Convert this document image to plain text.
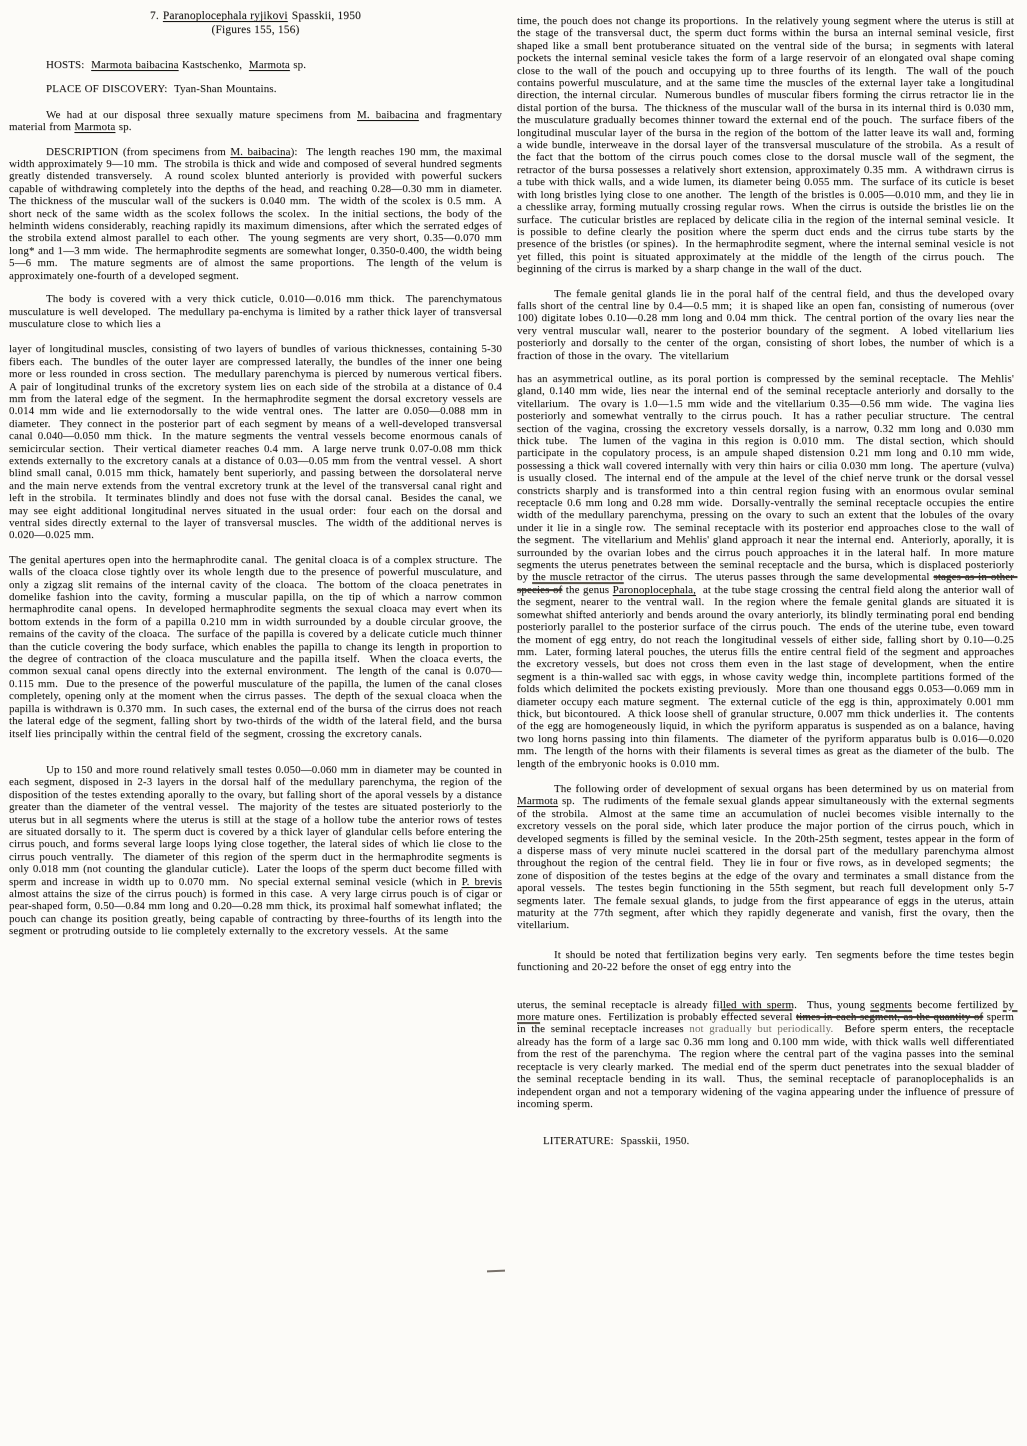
7. Paranoplocephala ryjikovi Spasskii, 1950
(Figures 155, 156)

HOSTS:  Marmota baibacina Kastschenko,  Marmota sp.

PLACE OF DISCOVERY:  Tyan-Shan Mountains.

We had at our disposal three sexually mature specimens from M. baibacina and fragmentary material from Marmota sp.

DESCRIPTION (from specimens from M. baibacina):  The length reaches 190 mm, the maximal width approximately 9—10 mm.  The strobila is thick and wide and composed of several hundred segments greatly distended transversely.  A round scolex blunted anteriorly is provided with powerful suckers capable of withdrawing completely into the depths of the head, and reaching 0.28—0.30 mm in diameter.  The thickness of the muscular wall of the suckers is 0.040 mm.  The width of the scolex is 0.5 mm.  A short neck of the same width as the scolex follows the scolex.  In the initial sections, the body of the helminth widens considerably, reaching rapidly its maximum dimensions, after which the serrated edges of the strobila extend almost parallel to each other.  The young segments are very short, 0.35—0.070 mm long* and 1—3 mm wide.  The hermaphrodite segments are somewhat longer, 0.350-0.400, the width being 5—6 mm.  The mature segments are of almost the same proportions.  The length of the velum is approximately one-fourth of a developed segment.

The body is covered with a very thick cuticle, 0.010—0.016 mm thick.  The parenchymatous musculature is well developed.  The medullary pa-enchyma is limited by a rather thick layer of transversal musculature close to which lies a

layer of longitudinal muscles, consisting of two layers of bundles of various thicknesses, containing 5-30 fibers each.  The bundles of the outer layer are compressed laterally, the bundles of the inner one being more or less rounded in cross section.  The medullary parenchyma is pierced by numerous vertical fibers.  A pair of longitudinal trunks of the excretory system lies on each side of the strobila at a distance of 0.4 mm from the lateral edge of the segment.  In the hermaphrodite segment the dorsal excretory vessels are 0.014 mm wide and lie externodorsally to the wide ventral ones.  The latter are 0.050—0.088 mm in diameter.  They connect in the posterior part of each segment by means of a well-developed transversal canal 0.040—0.050 mm thick.  In the mature segments the ventral vessels become enormous canals of semicircular section.  Their vertical diameter reaches 0.4 mm.  A large nerve trunk 0.07-0.08 mm thick extends externally to the excretory canals at a distance of 0.03—0.05 mm from the ventral vessel.  A short blind small canal, 0.015 mm thick, hamately bent superiorly, and passing between the dorsolateral nerve and the main nerve extends from the ventral excretory trunk at the level of the transversal canal right and left in the strobila.  It terminates blindly and does not fuse with the dorsal canal.  Besides the canal, we may see eight additional longitudinal nerves situated in the usual order:  four each on the dorsal and ventral sides directly external to the layer of transversal muscles.  The width of the additional nerves is 0.020—0.025 mm.

The genital apertures open into the hermaphrodite canal.  The genital cloaca is of a complex structure.  The walls of the cloaca close tightly over its whole length due to the presence of powerful musculature, and only a zigzag slit remains of the internal cavity of the cloaca.  The bottom of the cloaca penetrates in domelike fashion into the cavity, forming a muscular papilla, on the tip of which a narrow common hermaphrodite canal opens.  In developed hermaphrodite segments the sexual cloaca may evert when its bottom extends in the form of a papilla 0.210 mm in width surrounded by a double circular groove, the remains of the cavity of the cloaca.  The surface of the papilla is covered by a delicate cuticle much thinner than the cuticle covering the body surface, which enables the papilla to change its length in proportion to the degree of contraction of the cloaca musculature and the papilla itself.  When the cloaca everts, the common sexual canal opens directly into the external environment.  The length of the canal is 0.070—0.115 mm.  Due to the presence of the powerful musculature of the papilla, the lumen of the canal closes completely, opening only at the moment when the cirrus passes.  The depth of the sexual cloaca when the papilla is withdrawn is 0.370 mm.  In such cases, the external end of the bursa of the cirrus does not reach the lateral edge of the segment, falling short by two-thirds of the width of the lateral field, and the bursa itself lies principally within the central field of the segment, crossing the excretory canals.

Up to 150 and more round relatively small testes 0.050—0.060 mm in diameter may be counted in each segment, disposed in 2-3 layers in the dorsal half of the medullary parenchyma, the region of the disposition of the testes extending aporally to the ovary, but falling short of the aporal vessels by a distance greater than the diameter of the ventral vessel.  The majority of the testes are situated posteriorly to the uterus but in all segments where the uterus is still at the stage of a hollow tube the anterior rows of testes are situated dorsally to it.  The sperm duct is covered by a thick layer of glandular cells before entering the cirrus pouch, and forms several large loops lying close together, the lateral sides of which lie close to the cirrus pouch ventrally.  The diameter of this region of the sperm duct in the hermaphrodite segments is only 0.018 mm (not counting the glandular cuticle).  Later the loops of the sperm duct become filled with sperm and increase in width up to 0.070 mm.  No special external seminal vesicle (which in P. brevis almost attains the size of the cirrus pouch) is formed in this case.  A very large cirrus pouch is of cigar or pear-shaped form, 0.50—0.84 mm long and 0.20—0.28 mm thick, its proximal half somewhat inflated;  the pouch can change its position greatly, being capable of contracting by three-fourths of its length into the segment or protruding outside to lie completely externally to the excretory vessels.  At the same

time, the pouch does not change its proportions.  In the relatively young segment where the uterus is still at the stage of the transversal duct, the sperm duct forms within the bursa an internal seminal vesicle, first shaped like a small bent protuberance situated on the ventral side of the bursa;  in segments with lateral pockets the internal seminal vesicle takes the form of a large reservoir of an elongated oval shape coming close to the wall of the pouch and occupying up to three fourths of its length.  The wall of the pouch contains powerful musculature, and at the same time the muscles of the external layer take a longitudinal direction, the internal circular.  Numerous bundles of muscular fibers forming the cirrus retractor lie in the distal portion of the bursa.  The thickness of the muscular wall of the bursa in its internal third is 0.030 mm, the musculature gradually becomes thinner toward the external end of the pouch.  The surface fibers of the longitudinal muscular layer of the bursa in the region of the bottom of the latter leave its wall and, forming a wide bundle, interweave in the dorsal layer of the transversal musculature of the strobila.  As a result of the fact that the bottom of the cirrus pouch comes close to the dorsal muscle wall of the segment, the retractor of the bursa possesses a relatively short extension, approximately 0.35 mm.  A withdrawn cirrus is a tube with thick walls, and a wide lumen, its diameter being 0.055 mm.  The surface of its cuticle is beset with long bristles lying close to one another.  The length of the bristles is 0.005—0.010 mm, and they lie in a chesslike array, forming mutually crossing regular rows.  When the cirrus is outside the bristles lie on the surface.  The cuticular bristles are replaced by delicate cilia in the region of the internal seminal vesicle.  It is possible to define clearly the position where the sperm duct ends and the cirrus tube starts by the presence of the bristles (or spines).  In the hermaphrodite segment, where the internal seminal vesicle is not yet filled, this point is situated approximately at the middle of the length of the cirrus pouch.  The beginning of the cirrus is marked by a sharp change in the wall of the duct.

The female genital glands lie in the poral half of the central field, and thus the developed ovary falls short of the central line by 0.4—0.5 mm;  it is shaped like an open fan, consisting of numerous (over 100) digitate lobes 0.10—0.28 mm long and 0.04 mm thick.  The central portion of the ovary lies near the very ventral muscular wall, nearer to the posterior boundary of the segment.  A lobed vitellarium lies posteriorly and dorsally to the center of the organ, consisting of short lobes, the number of which is a fraction of those in the ovary.  The vitellarium

has an asymmetrical outline, as its poral portion is compressed by the seminal receptacle.  The Mehlis' gland, 0.140 mm wide, lies near the internal end of the seminal receptacle anteriorly and dorsally to the vitellarium.  The ovary is 1.0—1.5 mm wide and the vitellarium 0.35—0.56 mm wide.  The vagina lies posteriorly and somewhat ventrally to the cirrus pouch.  It has a rather peculiar structure.  The central section of the vagina, crossing the excretory vessels dorsally, is a narrow, 0.32 mm long and 0.030 mm thick tube.  The lumen of the vagina in this region is 0.010 mm.  The distal section, which should participate in the copulatory process, is an ampule shaped distension 0.21 mm long and 0.10 mm wide, possessing a thick wall covered internally with very thin hairs or cilia 0.030 mm long.  The aperture (vulva) is usually closed.  The internal end of the ampule at the level of the chief nerve trunk or the dorsal vessel constricts sharply and is transformed into a thin central region fusing with an enormous ovular seminal receptacle 0.6 mm long and 0.28 mm wide.  Dorsally-ventrally the seminal receptacle occupies the entire width of the medullary parenchyma, pressing on the ovary to such an extent that the lobules of the ovary under it lie in a single row.  The seminal receptacle with its posterior end approaches close to the wall of the segment.  The vitellarium and Mehlis' gland approach it near the internal end.  Anteriorly, aporally, it is surrounded by the ovarian lobes and the cirrus pouch approaches it in the lateral half.  In more mature segments the uterus penetrates between the seminal receptacle and the bursa, which is displaced posteriorly by the muscle retractor of the cirrus.  The uterus passes through the same developmental stages as in other species of the genus Paronoplocephala,  at the tube stage crossing the central field along the anterior wall of the segment, nearer to the ventral wall.  In the region where the female genital glands are situated it is somewhat shifted anteriorly and bends around the ovary anteriorly, its blindly terminating poral end bending posteriorly parallel to the posterior surface of the cirrus pouch.  The ends of the uterine tube, even toward the moment of egg entry, do not reach the longitudinal vessels of either side, falling short by 0.10—0.25 mm.  Later, forming lateral pouches, the uterus fills the entire central field of the segment and approaches the excretory vessels, but does not cross them even in the last stage of development, when the entire segment is a thin-walled sac with eggs, in whose cavity wedge thin, incomplete partitions formed of the folds which delimited the pockets existing previously.  More than one thousand eggs 0.053—0.069 mm in diameter occupy each mature segment.  The external cuticle of the egg is thin, approximately 0.001 mm thick, but bicontoured.  A thick loose shell of granular structure, 0.007 mm thick underlies it.  The contents of the egg are homogeneously liquid, in which the pyriform apparatus is suspended as on a balance, having two long horns passing into thin filaments.  The diameter of the pyriform apparatus bulb is 0.016—0.020 mm.  The length of the horns with their filaments is several times as great as the diameter of the bulb.  The length of the embryonic hooks is 0.010 mm.

The following order of development of sexual organs has been determined by us on material from Marmota sp.  The rudiments of the female sexual glands appear simultaneously with the external segments of the strobila.  Almost at the same time an accumulation of nuclei becomes visible internally to the excretory vessels on the poral side, which later produce the major portion of the cirrus pouch, which in developed segments is filled by the seminal vesicle.  In the 20th-25th segment, testes appear in the form of a disperse mass of very minute nuclei scattered in the dorsal part of the medullary parenchyma almost throughout the region of the central field.  They lie in four or five rows, as in developed segments;  the zone of disposition of the testes begins at the edge of the ovary and terminates a small distance from the aporal vessels.  The testes begin functioning in the 55th segment, but reach full development only 5-7 segments later.  The female sexual glands, to judge from the first appearance of eggs in the uterus, attain maturity at the 77th segment, after which they rapidly degenerate and vanish, first the ovary, then the vitellarium.

It should be noted that fertilization begins very early.  Ten segments before the time testes begin functioning and 20-22 before the onset of egg entry into the

uterus, the seminal receptacle is already filled with sperm.  Thus, young segments become fertilized by more mature ones.  Fertilization is probably effected several times in each segment, as the quantity of sperm in the seminal receptacle increases not gradually but periodically.  Before sperm enters, the receptacle already has the form of a large sac 0.36 mm long and 0.100 mm wide, with thick walls well differentiated from the rest of the parenchyma.  The region where the central part of the vagina passes into the seminal receptacle is very clearly marked.  The medial end of the sperm duct penetrates into the sexual bladder of the seminal receptacle bending in its wall.  Thus, the seminal receptacle of paranoplocephalids is an independent organ and not a temporary widening of the vagina appearing under the influence of pressure of incoming sperm.

LITERATURE:  Spasskii, 1950.
